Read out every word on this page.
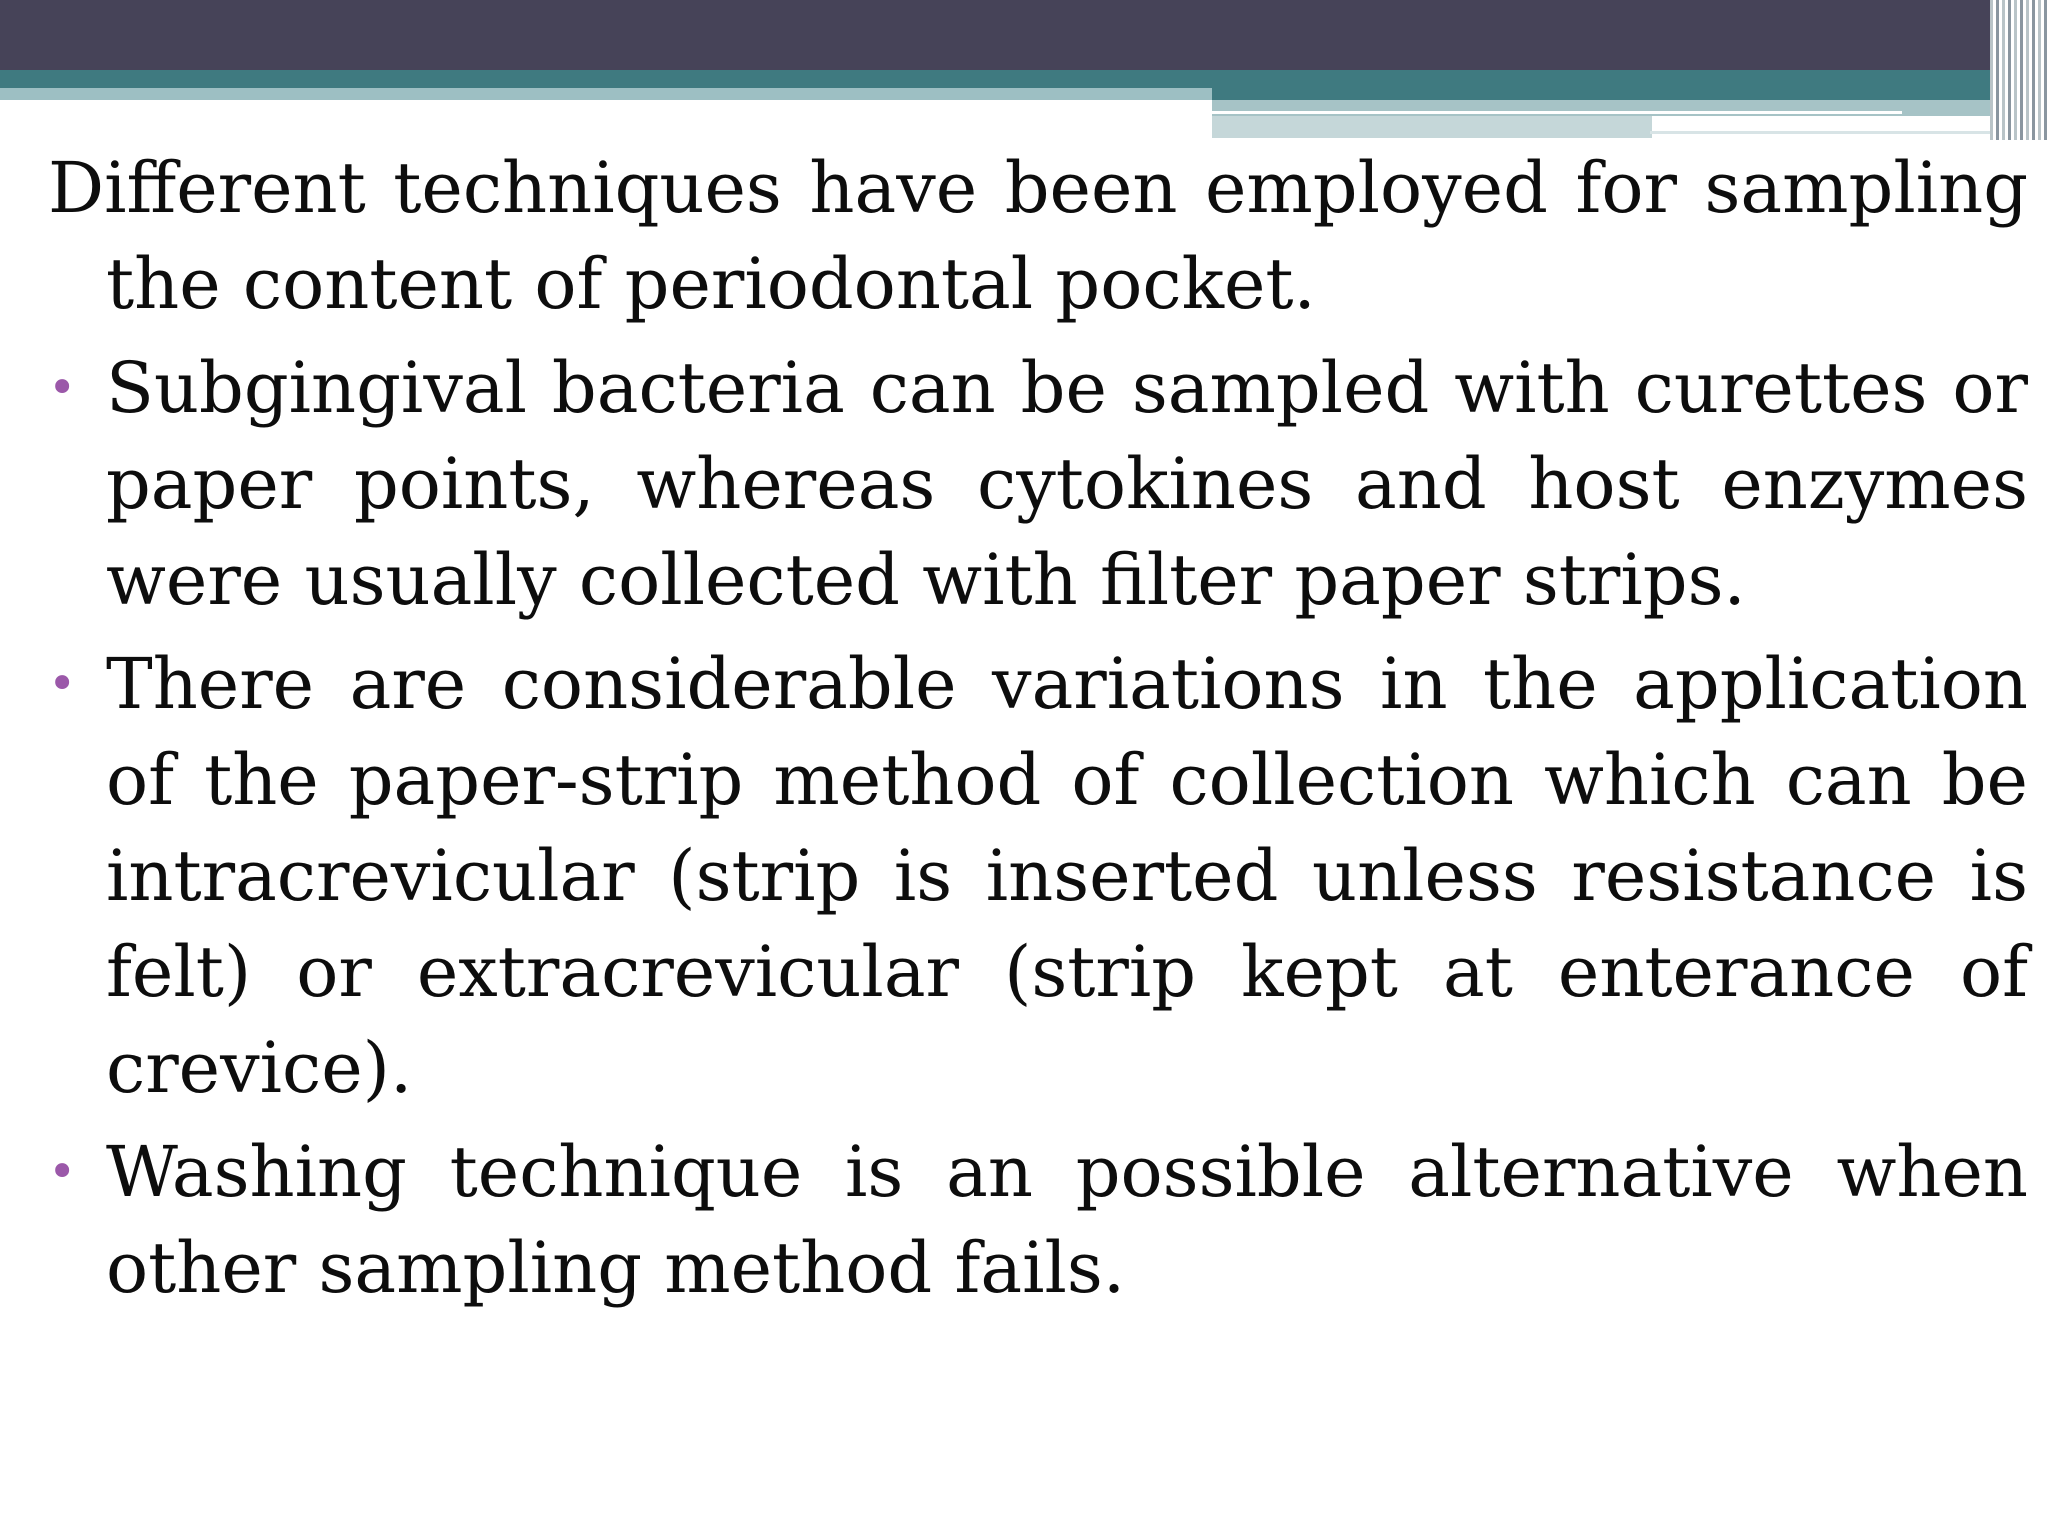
Different techniques have been employed for sampling the content of periodontal pocket.

• Subgingival bacteria can be sampled with curettes or paper points, whereas cytokines and host enzymes were usually collected with filter paper strips.
• There are considerable variations in the application of the paper-strip method of collection which can be intracrevicular (strip is inserted unless resistance is felt) or extracrevicular (strip kept at enterance of crevice).
• Washing technique is an possible alternative when other sampling method fails.
